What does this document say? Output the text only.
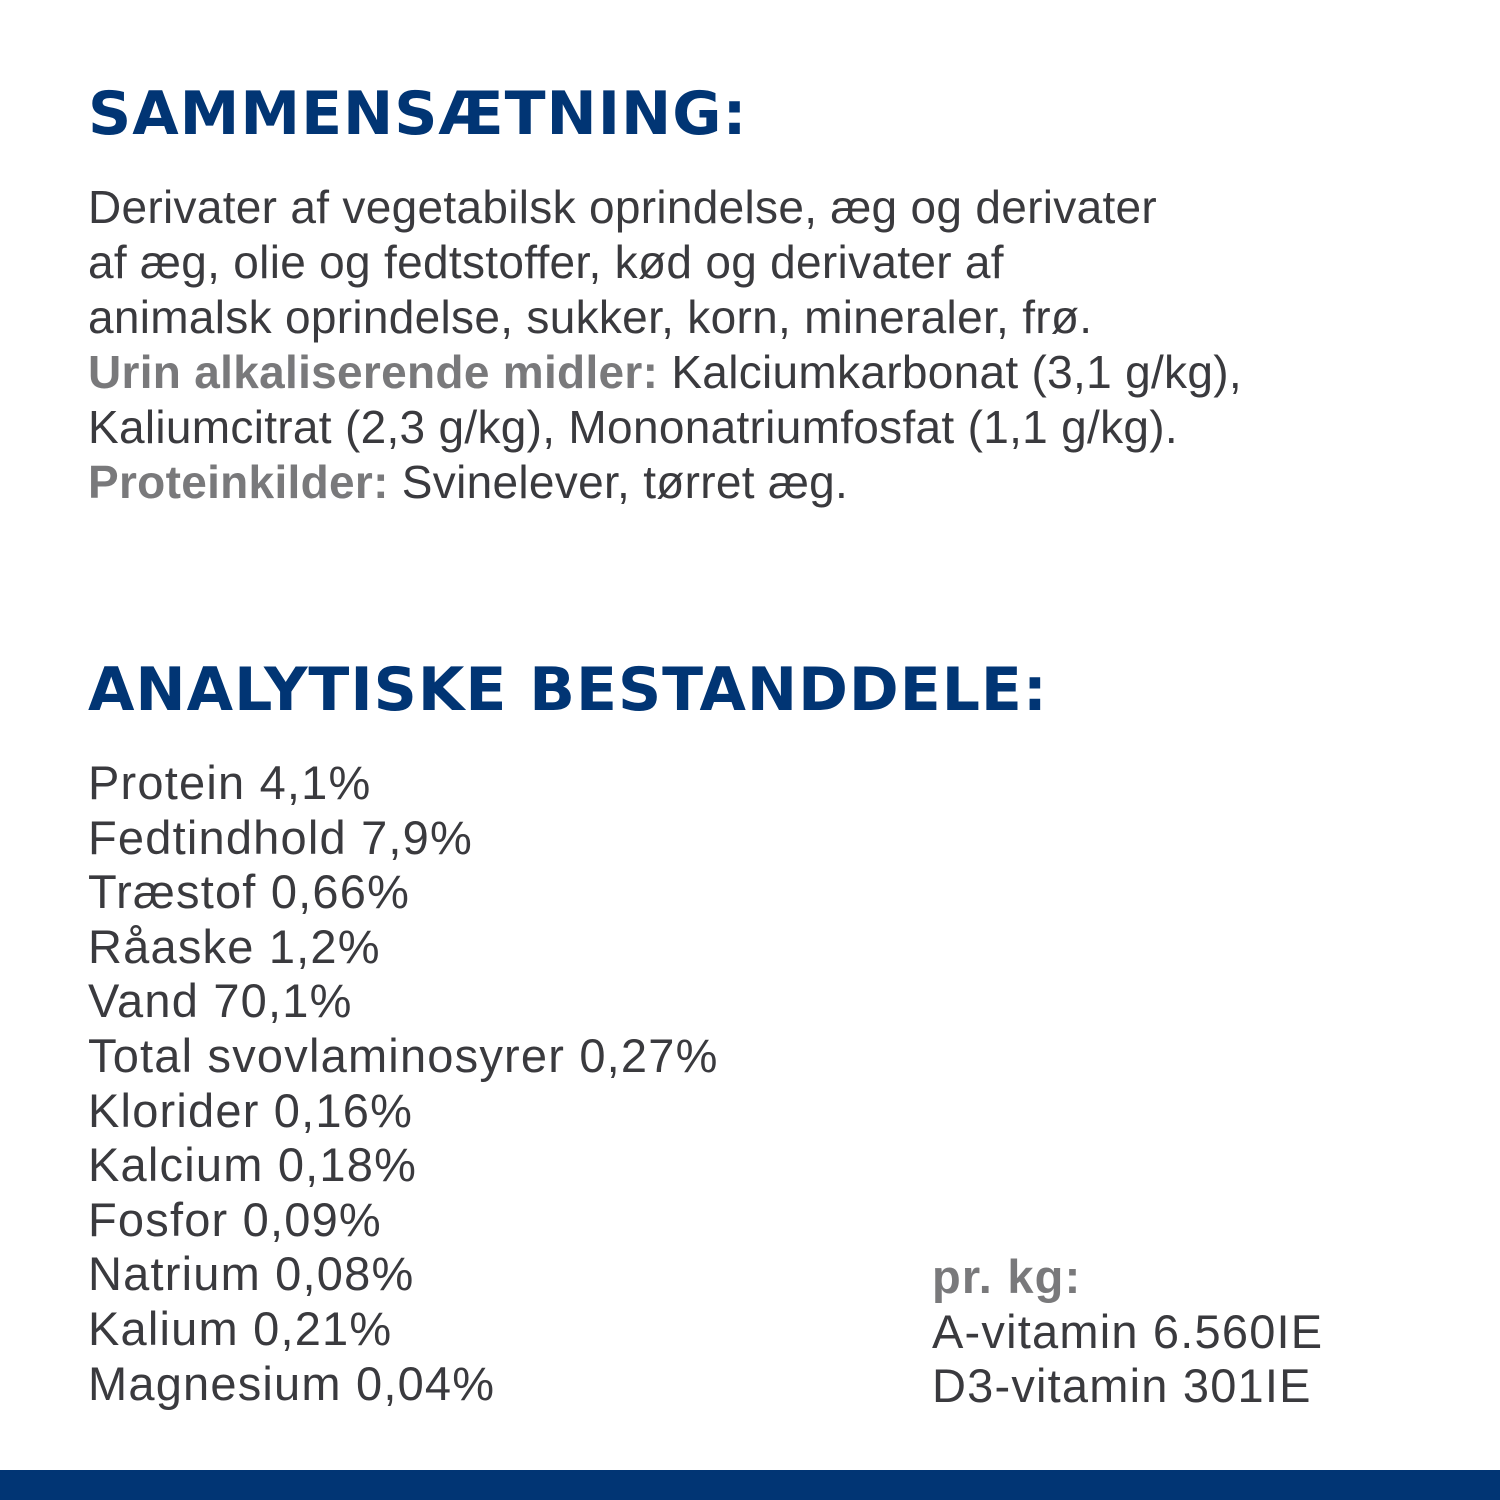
SAMMENSÆTNING:
Derivater af vegetabilsk oprindelse, æg og derivater
af æg, olie og fedtstoffer, kød og derivater af
animalsk oprindelse, sukker, korn, mineraler, frø.
Urin alkaliserende midler: Kalciumkarbonat (3,1 g/kg),
Kaliumcitrat (2,3 g/kg), Mononatriumfosfat (1,1 g/kg).
Proteinkilder: Svinelever, tørret æg.
ANALYTISKE BESTANDDELE:
Protein 4,1%
Fedtindhold 7,9%
Træstof 0,66%
Råaske 1,2%
Vand 70,1%
Total svovlaminosyrer 0,27%
Klorider 0,16%
Kalcium 0,18%
Fosfor 0,09%
Natrium 0,08%
Kalium 0,21%
Magnesium 0,04%
pr. kg:
A-vitamin 6.560IE
D3-vitamin 301IE
